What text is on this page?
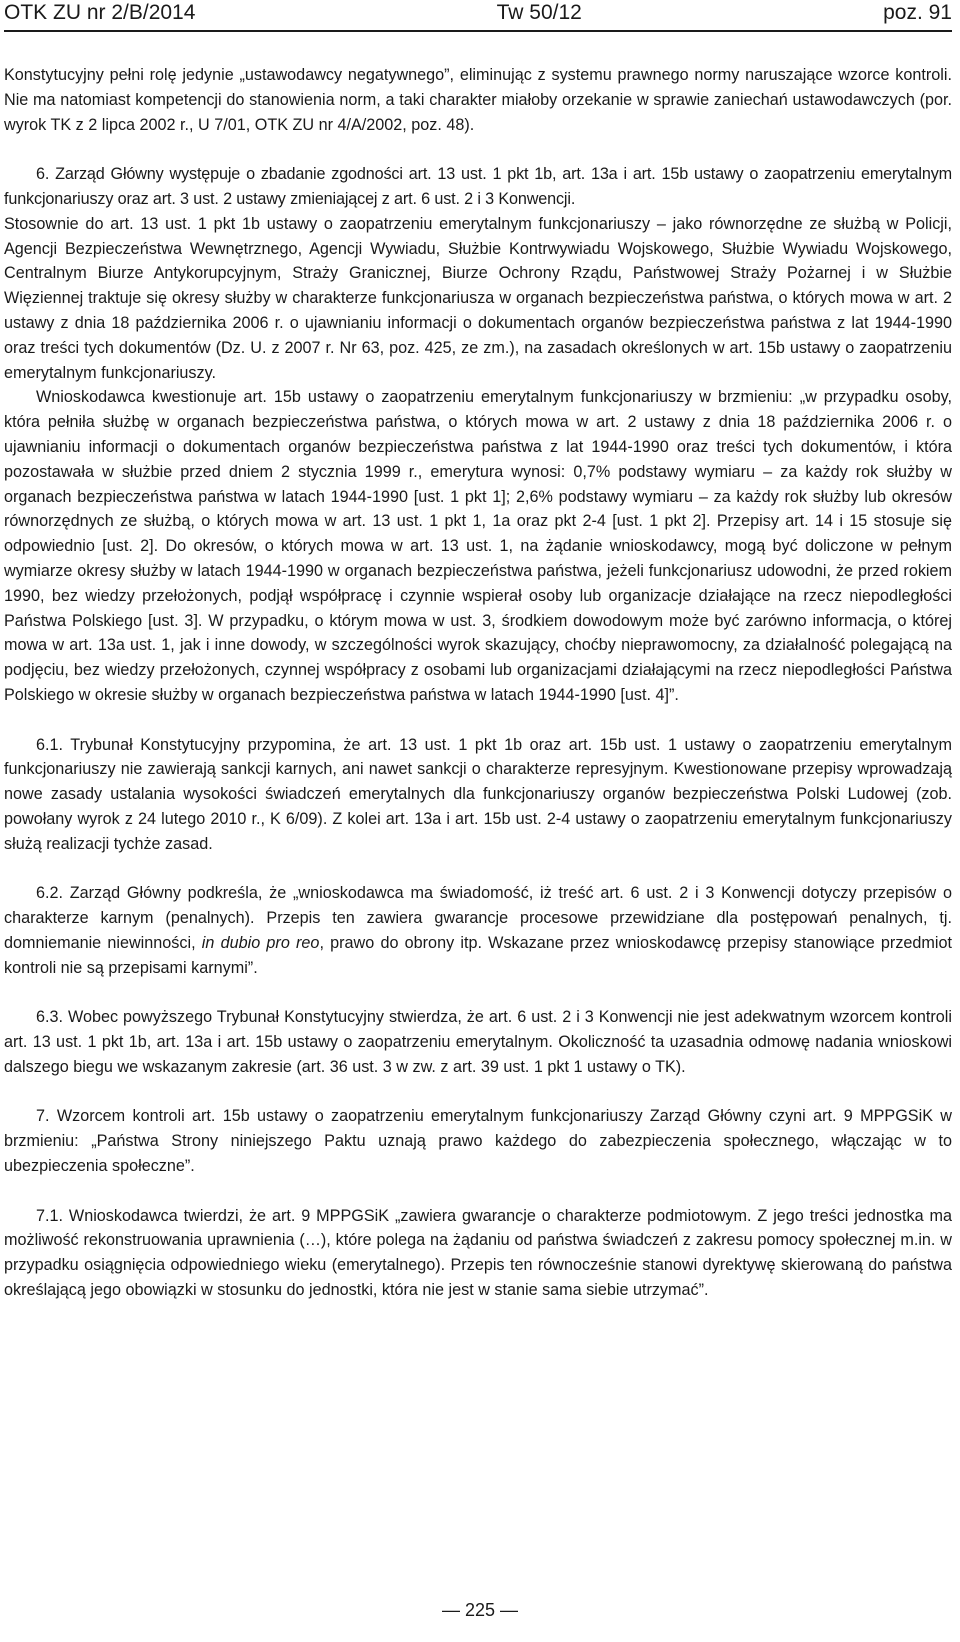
OTK ZU nr 2/B/2014	Tw 50/12	poz. 91

Konstytucyjny pełni rolę jedynie „ustawodawcy negatywnego”, eliminując z systemu prawnego normy naruszające wzorce kontroli. Nie ma natomiast kompetencji do stanowienia norm, a taki charakter miałoby orzekanie w sprawie zaniechań ustawodawczych (por. wyrok TK z 2 lipca 2002 r., U 7/01, OTK ZU nr 4/A/2002, poz. 48).

6. Zarząd Główny występuje o zbadanie zgodności art. 13 ust. 1 pkt 1b, art. 13a i art. 15b ustawy o zaopatrzeniu emerytalnym funkcjonariuszy oraz art. 3 ust. 2 ustawy zmieniającej z art. 6 ust. 2 i 3 Konwencji.

Stosownie do art. 13 ust. 1 pkt 1b ustawy o zaopatrzeniu emerytalnym funkcjonariuszy – jako równorzędne ze służbą w Policji, Agencji Bezpieczeństwa Wewnętrznego, Agencji Wywiadu, Służbie Kontrwywiadu Wojskowego, Służbie Wywiadu Wojskowego, Centralnym Biurze Antykorupcyjnym, Straży Granicznej, Biurze Ochrony Rządu, Państwowej Straży Pożarnej i w Służbie Więziennej traktuje się okresy służby w charakterze funkcjonariusza w organach bezpieczeństwa państwa, o których mowa w art. 2 ustawy z dnia 18 października 2006 r. o ujawnianiu informacji o dokumentach organów bezpieczeństwa państwa z lat 1944-1990 oraz treści tych dokumentów (Dz. U. z 2007 r. Nr 63, poz. 425, ze zm.), na zasadach określonych w art. 15b ustawy o zaopatrzeniu emerytalnym funkcjonariuszy.

Wnioskodawca kwestionuje art. 15b ustawy o zaopatrzeniu emerytalnym funkcjonariuszy w brzmieniu: „w przypadku osoby, która pełniła służbę w organach bezpieczeństwa państwa, o których mowa w art. 2 ustawy z dnia 18 października 2006 r. o ujawnianiu informacji o dokumentach organów bezpieczeństwa państwa z lat 1944-1990 oraz treści tych dokumentów, i która pozostawała w służbie przed dniem 2 stycznia 1999 r., emerytura wynosi: 0,7% podstawy wymiaru – za każdy rok służby w organach bezpieczeństwa państwa w latach 1944-1990 [ust. 1 pkt 1]; 2,6% podstawy wymiaru – za każdy rok służby lub okresów równorzędnych ze służbą, o których mowa w art. 13 ust. 1 pkt 1, 1a oraz pkt 2-4 [ust. 1 pkt 2]. Przepisy art. 14 i 15 stosuje się odpowiednio [ust. 2]. Do okresów, o których mowa w art. 13 ust. 1, na żądanie wnioskodawcy, mogą być doliczone w pełnym wymiarze okresy służby w latach 1944-1990 w organach bezpieczeństwa państwa, jeżeli funkcjonariusz udowodni, że przed rokiem 1990, bez wiedzy przełożonych, podjął współpracę i czynnie wspierał osoby lub organizacje działające na rzecz niepodległości Państwa Polskiego [ust. 3]. W przypadku, o którym mowa w ust. 3, środkiem dowodowym może być zarówno informacja, o której mowa w art. 13a ust. 1, jak i inne dowody, w szczególności wyrok skazujący, choćby nieprawomocny, za działalność polegającą na podjęciu, bez wiedzy przełożonych, czynnej współpracy z osobami lub organizacjami działającymi na rzecz niepodległości Państwa Polskiego w okresie służby w organach bezpieczeństwa państwa w latach 1944-1990 [ust. 4]”.

6.1. Trybunał Konstytucyjny przypomina, że art. 13 ust. 1 pkt 1b oraz art. 15b ust. 1 ustawy o zaopatrzeniu emerytalnym funkcjonariuszy nie zawierają sankcji karnych, ani nawet sankcji o charakterze represyjnym. Kwestionowane przepisy wprowadzają nowe zasady ustalania wysokości świadczeń emerytalnych dla funkcjonariuszy organów bezpieczeństwa Polski Ludowej (zob. powołany wyrok z 24 lutego 2010 r., K 6/09). Z kolei art. 13a i art. 15b ust. 2-4 ustawy o zaopatrzeniu emerytalnym funkcjonariuszy służą realizacji tychże zasad.

6.2. Zarząd Główny podkreśla, że „wnioskodawca ma świadomość, iż treść art. 6 ust. 2 i 3 Konwencji dotyczy przepisów o charakterze karnym (penalnych). Przepis ten zawiera gwarancje procesowe przewidziane dla postępowań penalnych, tj. domniemanie niewinności, in dubio pro reo, prawo do obrony itp. Wskazane przez wnioskodawcę przepisy stanowiące przedmiot kontroli nie są przepisami karnymi”.

6.3. Wobec powyższego Trybunał Konstytucyjny stwierdza, że art. 6 ust. 2 i 3 Konwencji nie jest adekwatnym wzorcem kontroli art. 13 ust. 1 pkt 1b, art. 13a i art. 15b ustawy o zaopatrzeniu emerytalnym. Okoliczność ta uzasadnia odmowę nadania wnioskowi dalszego biegu we wskazanym zakresie (art. 36 ust. 3 w zw. z art. 39 ust. 1 pkt 1 ustawy o TK).

7. Wzorcem kontroli art. 15b ustawy o zaopatrzeniu emerytalnym funkcjonariuszy Zarząd Główny czyni art. 9 MPPGSiK w brzmieniu: „Państwa Strony niniejszego Paktu uznają prawo każdego do zabezpieczenia społecznego, włączając w to ubezpieczenia społeczne”.

7.1. Wnioskodawca twierdzi, że art. 9 MPPGSiK „zawiera gwarancje o charakterze podmiotowym. Z jego treści jednostka ma możliwość rekonstruowania uprawnienia (…), które polega na żądaniu od państwa świadczeń z zakresu pomocy społecznej m.in. w przypadku osiągnięcia odpowiedniego wieku (emerytalnego). Przepis ten równocześnie stanowi dyrektywę skierowaną do państwa określającą jego obowiązki w stosunku do jednostki, która nie jest w stanie sama siebie utrzymać”.

— 225 —
